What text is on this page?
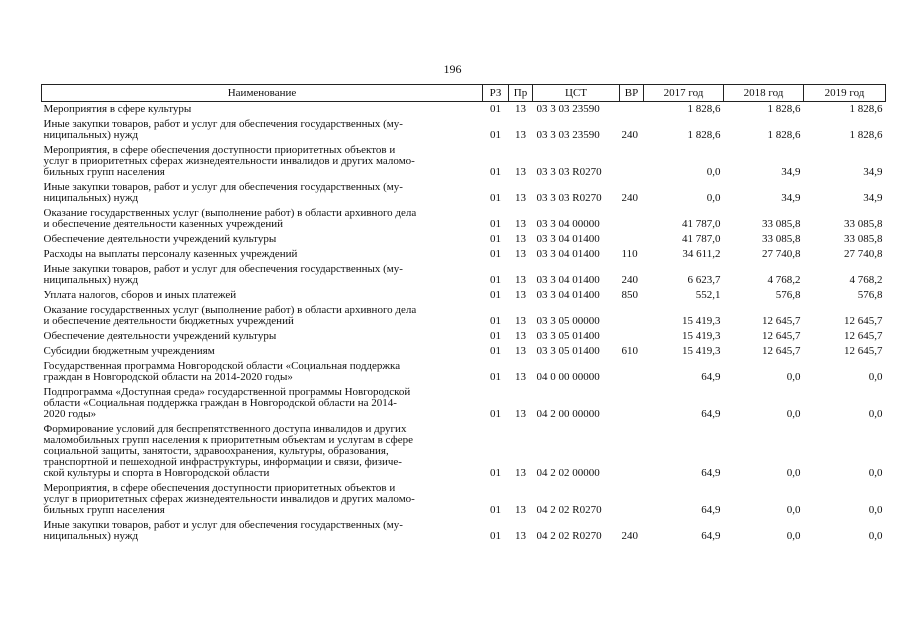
196
Наименование	РЗ	Пр	ЦСТ	ВР	2017 год	2018 год	2019 год
Мероприятия в сфере культуры	01	13	03 3 03 23590		1 828,6	1 828,6	1 828,6
Иные закупки товаров, работ и услуг для обеспечения государственных (му-
ниципальных) нужд	01	13	03 3 03 23590	240	1 828,6	1 828,6	1 828,6
Мероприятия, в сфере обеспечения доступности приоритетных объектов и
услуг в приоритетных сферах жизнедеятельности инвалидов и других маломо-
бильных групп населения	01	13	03 3 03 R0270		0,0	34,9	34,9
Иные закупки товаров, работ и услуг для обеспечения государственных (му-
ниципальных) нужд	01	13	03 3 03 R0270	240	0,0	34,9	34,9
Оказание государственных услуг (выполнение работ) в области архивного дела
и обеспечение деятельности казенных учреждений	01	13	03 3 04 00000		41 787,0	33 085,8	33 085,8
Обеспечение деятельности учреждений культуры	01	13	03 3 04 01400		41 787,0	33 085,8	33 085,8
Расходы на выплаты персоналу казенных учреждений	01	13	03 3 04 01400	110	34 611,2	27 740,8	27 740,8
Иные закупки товаров, работ и услуг для обеспечения государственных (му-
ниципальных) нужд	01	13	03 3 04 01400	240	6 623,7	4 768,2	4 768,2
Уплата налогов, сборов и иных платежей	01	13	03 3 04 01400	850	552,1	576,8	576,8
Оказание государственных услуг (выполнение работ) в области архивного дела
и обеспечение деятельности бюджетных учреждений	01	13	03 3 05 00000		15 419,3	12 645,7	12 645,7
Обеспечение деятельности учреждений культуры	01	13	03 3 05 01400		15 419,3	12 645,7	12 645,7
Субсидии бюджетным учреждениям	01	13	03 3 05 01400	610	15 419,3	12 645,7	12 645,7
Государственная программа Новгородской области «Социальная поддержка
граждан в Новгородской области на 2014-2020 годы»	01	13	04 0 00 00000		64,9	0,0	0,0
Подпрограмма «Доступная среда» государственной программы Новгородской
области «Социальная поддержка граждан в Новгородской области на 2014-
2020 годы»	01	13	04 2 00 00000		64,9	0,0	0,0
Формирование условий для беспрепятственного доступа инвалидов и других
маломобильных групп населения к приоритетным объектам и услугам в сфере
социальной защиты, занятости, здравоохранения, культуры, образования,
транспортной и пешеходной инфраструктуры, информации и связи, физиче-
ской культуры и спорта в Новгородской области	01	13	04 2 02 00000		64,9	0,0	0,0
Мероприятия, в сфере обеспечения доступности приоритетных объектов и
услуг в приоритетных сферах жизнедеятельности инвалидов и других маломо-
бильных групп населения	01	13	04 2 02 R0270		64,9	0,0	0,0
Иные закупки товаров, работ и услуг для обеспечения государственных (му-
ниципальных) нужд	01	13	04 2 02 R0270	240	64,9	0,0	0,0
